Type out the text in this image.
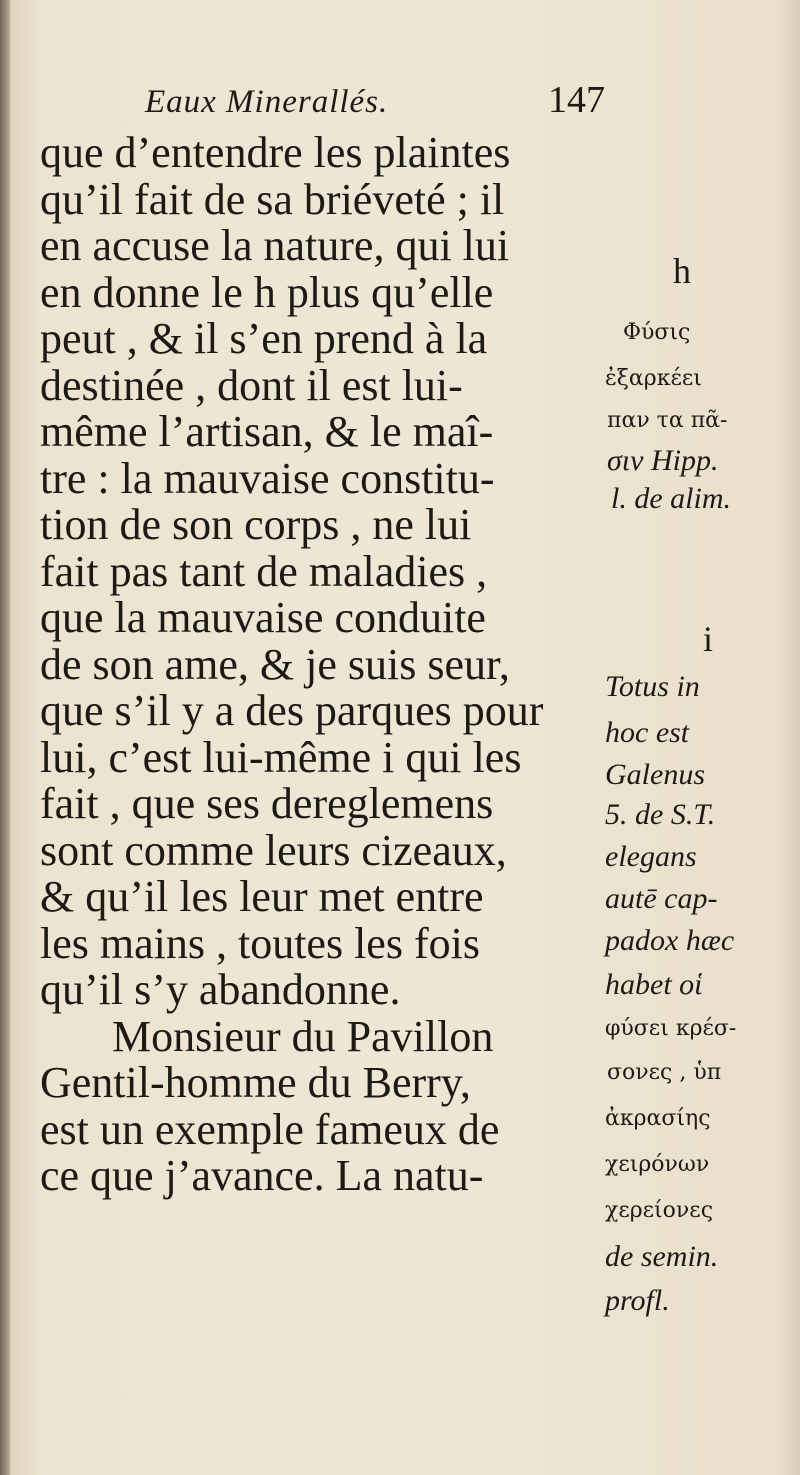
Eaux Minerallés.	147
que d’entendre les plaintes
qu’il fait de sa briéveté ; il
en accuse la nature, qui lui
en donne le h plus qu’elle
peut , & il s’en prend à la
destinée , dont il est lui-
même l’artisan, & le maî-
tre : la mauvaise constitu-
tion de son corps , ne lui
fait pas tant de maladies ,
que la mauvaise conduite
de son ame, & je suis seur,
que s’il y a des parques pour
lui, c’est lui-même i qui les
fait , que ses dereglemens
sont comme leurs cizeaux,
& qu’il les leur met entre
les mains , toutes les fois
qu’il s’y abandonne.
Monsieur du Pavillon
Gentil-homme du Berry,
est un exemple fameux de
ce que j’avance. La natu-
h
Φύσις
ἐξαρκέει
παν τα πᾶ-
σιν Hipp.
l. de alim.
i
Totus in
hoc est
Galenus
5. de S.T.
elegans
autē cap-
padox hæc
habet οἱ
φύσει κρέσ-
σονες , ὑπ
ἀκρασίης
χειρόνων
χερείονες
de semin.
profl.
